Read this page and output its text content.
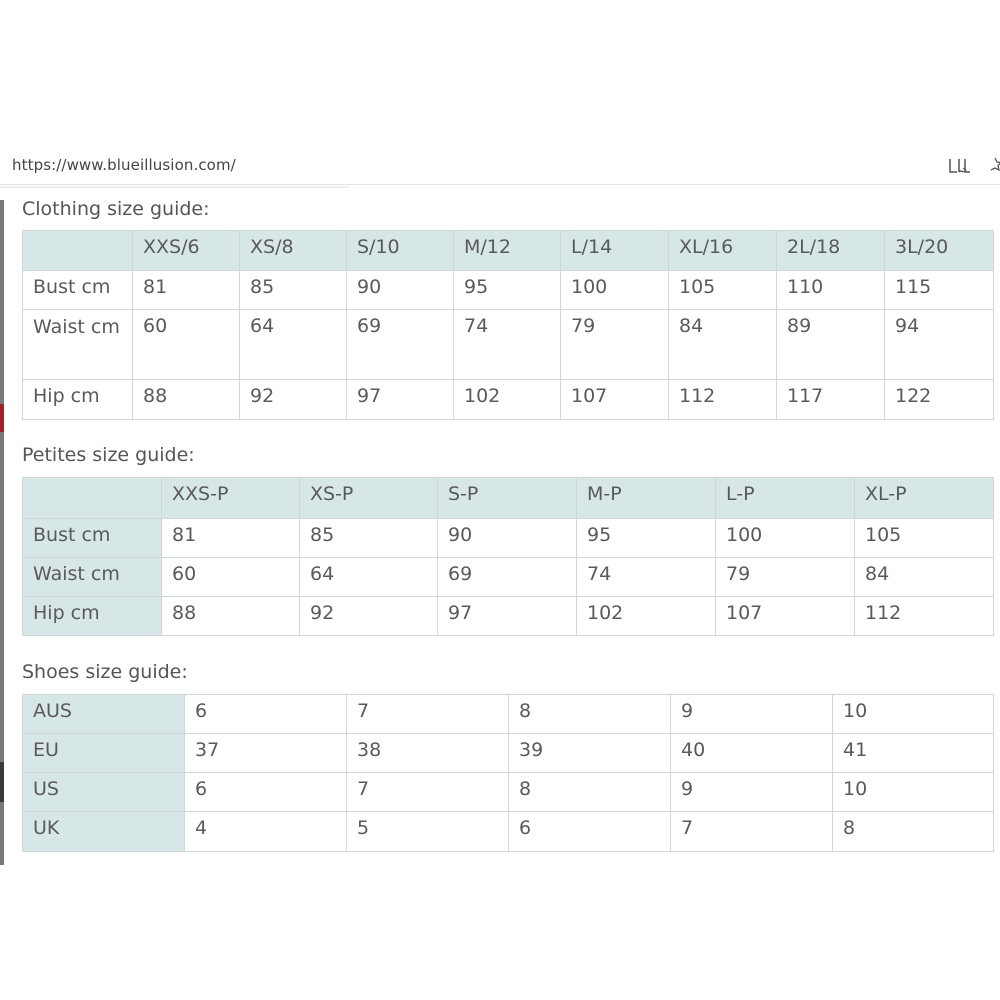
https://www.blueillusion.com/
Clothing size guide:
	XXS/6	XS/8	S/10	M/12	L/14	XL/16	2L/18	3L/20
Bust cm	81	85	90	95	100	105	110	115
Waist cm	60	64	69	74	79	84	89	94
Hip cm	88	92	97	102	107	112	117	122
Petites size guide:
	XXS-P	XS-P	S-P	M-P	L-P	XL-P
Bust cm	81	85	90	95	100	105
Waist cm	60	64	69	74	79	84
Hip cm	88	92	97	102	107	112
Shoes size guide:
AUS	6	7	8	9	10
EU	37	38	39	40	41
US	6	7	8	9	10
UK	4	5	6	7	8
